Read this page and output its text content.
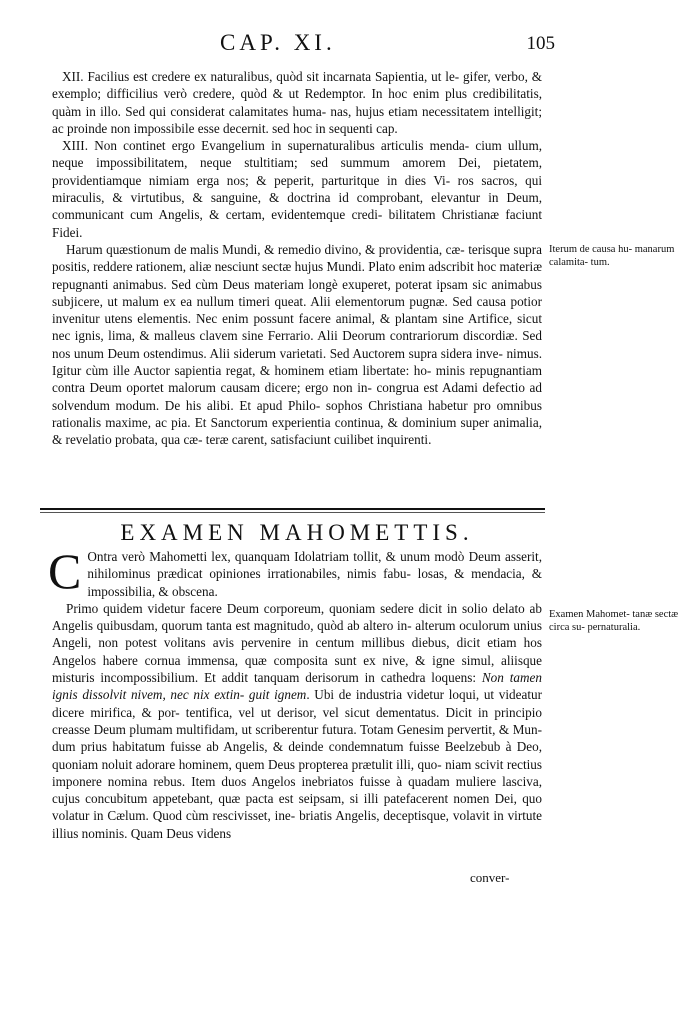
CAP. XI.	105

XII. Facilius est credere ex naturalibus, quòd sit incarnata Sapientia, ut le- gifer, verbo, & exemplo; difficilius verò credere, quòd & ut Redemptor. In hoc enim plus credibilitatis, quàm in illo. Sed qui considerat calamitates huma- nas, hujus etiam necessitatem intelligit; ac proinde non impossibile esse decernit. sed hoc in sequenti cap.

XIII. Non continet ergo Evangelium in supernaturalibus articulis menda- cium ullum, neque impossibilitatem, neque stultitiam; sed summum amorem Dei, pietatem, providentiamque nimiam erga nos; & peperit, parturitque in dies Vi- ros sacros, qui miraculis, & virtutibus, & sanguine, & doctrina id comprobant, elevantur in Deum, communicant cum Angelis, & certam, evidentemque credi- bilitatem Christianæ faciunt Fidei.

Harum quæstionum de malis Mundi, & remedio divino, & providentia, cæ- terisque supra positis, reddere rationem, aliæ nesciunt sectæ hujus Mundi. Plato enim adscribit hoc materiæ repugnanti animabus. Sed cùm Deus materiam longè exuperet, poterat ipsam sic animabus subjicere, ut malum ex ea nullum timeri queat. Alii elementorum pugnæ. Sed causa potior invenitur utens elementis. Nec enim possunt facere animal, & plantam sine Artifice, sicut nec ignis, lima, & malleus clavem sine Ferrario. Alii Deorum contrariorum discordiæ. Sed nos unum Deum ostendimus. Alii siderum varietati. Sed Auctorem supra sidera inve- nimus. Igitur cùm ille Auctor sapientia regat, & hominem etiam libertate: ho- minis repugnantiam contra Deum oportet malorum causam dicere; ergo non in- congrua est Adami defectio ad solvendum modum. De his alibi. Et apud Philo- sophos Christiana habetur pro omnibus rationalis maxime, ac pia. Et Sanctorum experientia continua, & dominium super animalia, & revelatio probata, qua cæ- teræ carent, satisfaciunt cuilibet inquirenti.

Iterum de causa hu- manarum calamita- tum.
EXAMEN MAHOMETTIS.

C Ontra verò Mahometti lex, quanquam Idolatriam tollit, & unum modò Deum asserit, nihilominus prædicat opiniones irrationabiles, nimis fabu- losas, & mendacia, & impossibilia, & obscena.

Primo quidem videtur facere Deum corporeum, quoniam sedere dicit in solio delato ab Angelis quibusdam, quorum tanta est magnitudo, quòd ab altero in- alterum oculorum unius Angeli, non potest volitans avis pervenire in centum millibus diebus, dicit etiam hos Angelos habere cornua immensa, quæ composita sunt ex nive, & igne simul, aliisque misturis incompossibilium. Et addit tanquam derisorum in cathedra loquens: Non tamen ignis dissolvit nivem, nec nix extin- guit ignem. Ubi de industria videtur loqui, ut videatur dicere mirifica, & por- tentifica, vel ut derisor, vel sicut dementatus. Dicit in principio creasse Deum plumam multifidam, ut scriberentur futura. Totam Genesim pervertit, & Mun- dum prius habitatum fuisse ab Angelis, & deinde condemnatum fuisse Beelzebub à Deo, quoniam noluit adorare hominem, quem Deus propterea prætulit illi, quo- niam scivit rectius imponere nomina rebus. Item duos Angelos inebriatos fuisse à quadam muliere lasciva, cujus concubitum appetebant, quæ pacta est seipsam, si illi patefacerent nomen Dei, quo volatur in Cælum. Quod cùm rescivisset, ine- briatis Angelis, deceptisque, volavit in virtute illius nominis. Quam Deus videns

Examen Mahomet- tanæ sectæ circa su- pernaturalia.
conver-
